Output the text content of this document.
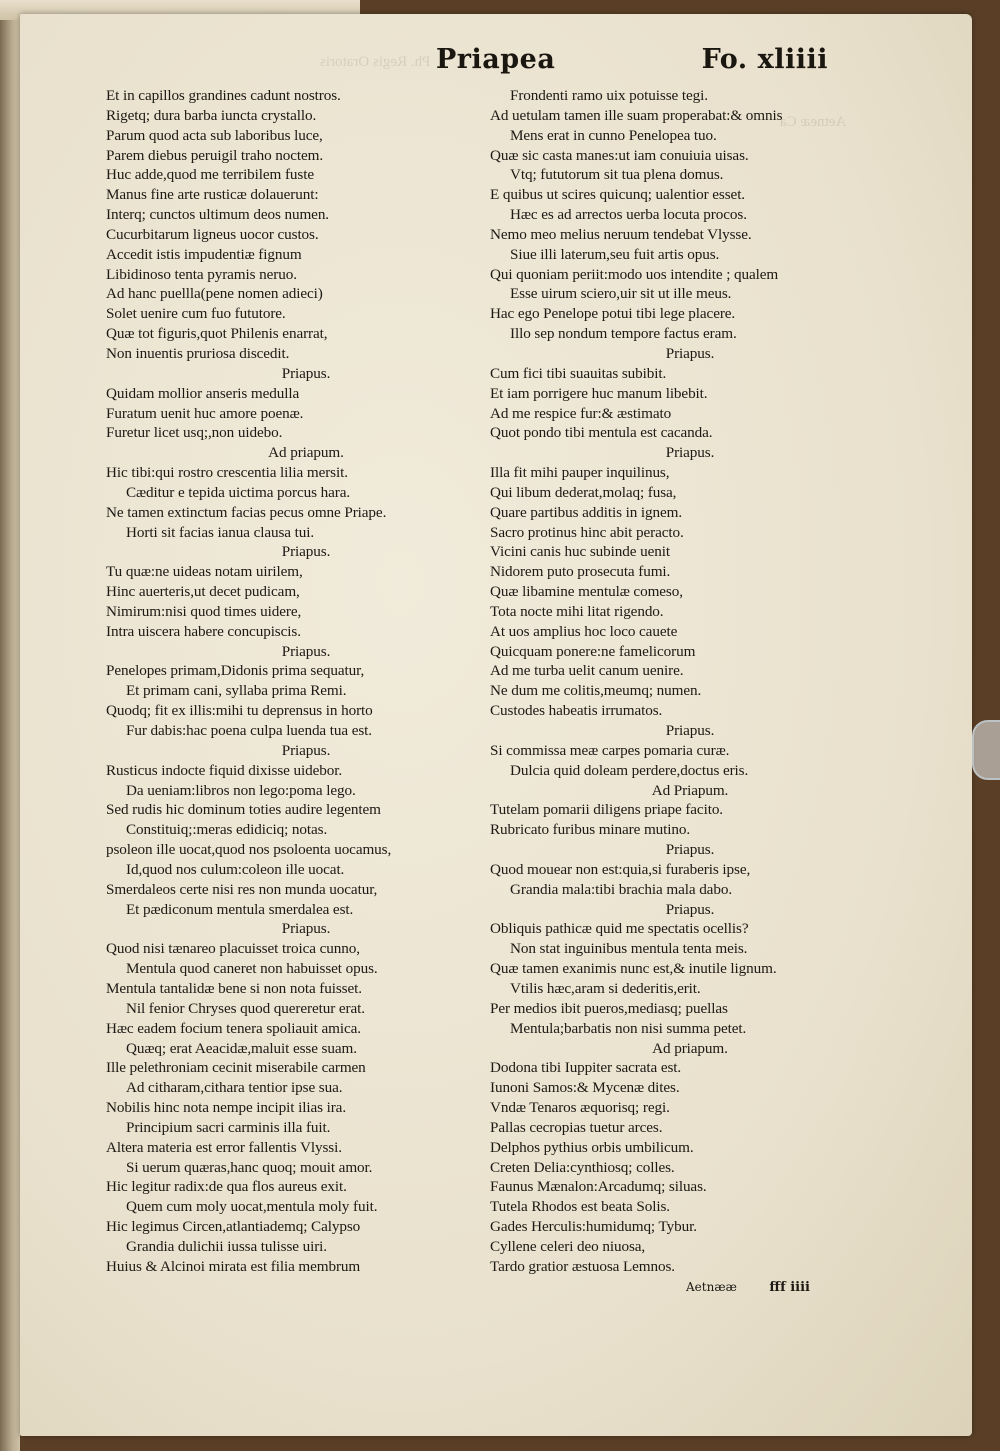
Ph. Regis Oratoris
Aetneæ Ca
Priapea	Fo. xliiii
Et in capillos grandines cadunt nostros.
Rigetq; dura barba iuncta crystallo.
Parum quod acta sub laboribus luce,
Parem diebus peruigil traho noctem.
Huc adde,quod me terribilem fuste
Manus fine arte rusticæ dolauerunt:
Interq; cunctos ultimum deos numen.
Cucurbitarum ligneus uocor custos.
Accedit istis impudentiæ fignum
Libidinoso tenta pyramis neruo.
Ad hanc puellla(pene nomen adieci)
Solet uenire cum fuo fututore.
Quæ tot figuris,quot Philenis enarrat,
Non inuentis pruriosa discedit.
Priapus.
Quidam mollior anseris medulla
Furatum uenit huc amore poenæ.
Furetur licet usq;,non uidebo.
Ad priapum.
Hic tibi:qui rostro crescentia lilia mersit.
Cæditur e tepida uictima porcus hara.
Ne tamen extinctum facias pecus omne Priape.
Horti sit facias ianua clausa tui.
Priapus.
Tu quæ:ne uideas notam uirilem,
Hinc auerteris,ut decet pudicam,
Nimirum:nisi quod times uidere,
Intra uiscera habere concupiscis.
Priapus.
Penelopes primam,Didonis prima sequatur,
Et primam cani, syllaba prima Remi.
Quodq; fit ex illis:mihi tu deprensus in horto
Fur dabis:hac poena culpa luenda tua est.
Priapus.
Rusticus indocte fiquid dixisse uidebor.
Da ueniam:libros non lego:poma lego.
Sed rudis hic dominum toties audire legentem
Constituiq;:meras edidiciq; notas.
psoleon ille uocat,quod nos psoloenta uocamus,
Id,quod nos culum:coleon ille uocat.
Smerdaleos certe nisi res non munda uocatur,
Et pædiconum mentula smerdalea est.
Priapus.
Quod nisi tænareo placuisset troica cunno,
Mentula quod caneret non habuisset opus.
Mentula tantalidæ bene si non nota fuisset.
Nil fenior Chryses quod quereretur erat.
Hæc eadem focium tenera spoliauit amica.
Quæq; erat Aeacidæ,maluit esse suam.
Ille pelethroniam cecinit miserabile carmen
Ad citharam,cithara tentior ipse sua.
Nobilis hinc nota nempe incipit ilias ira.
Principium sacri carminis illa fuit.
Altera materia est error fallentis Vlyssi.
Si uerum quæras,hanc quoq; mouit amor.
Hic legitur radix:de qua flos aureus exit.
Quem cum moly uocat,mentula moly fuit.
Hic legimus Circen,atlantiademq; Calypso
Grandia dulichii iussa tulisse uiri.
Huius & Alcinoi mirata est filia membrum
Frondenti ramo uix potuisse tegi.
Ad uetulam tamen ille suam properabat:& omnis
Mens erat in cunno Penelopea tuo.
Quæ sic casta manes:ut iam conuiuia uisas.
Vtq; fututorum sit tua plena domus.
E quibus ut scires quicunq; ualentior esset.
Hæc es ad arrectos uerba locuta procos.
Nemo meo melius neruum tendebat Vlysse.
Siue illi laterum,seu fuit artis opus.
Qui quoniam periit:modo uos intendite ; qualem
Esse uirum sciero,uir sit ut ille meus.
Hac ego Penelope potui tibi lege placere.
Illo sep nondum tempore factus eram.
Priapus.
Cum fici tibi suauitas subibit.
Et iam porrigere huc manum libebit.
Ad me respice fur:& æstimato
Quot pondo tibi mentula est cacanda.
Priapus.
Illa fit mihi pauper inquilinus,
Qui libum dederat,molaq; fusa,
Quare partibus additis in ignem.
Sacro protinus hinc abit peracto.
Vicini canis huc subinde uenit
Nidorem puto prosecuta fumi.
Quæ libamine mentulæ comeso,
Tota nocte mihi litat rigendo.
At uos amplius hoc loco cauete
Quicquam ponere:ne famelicorum
Ad me turba uelit canum uenire.
Ne dum me colitis,meumq; numen.
Custodes habeatis irrumatos.
Priapus.
Si commissa meæ carpes pomaria curæ.
Dulcia quid doleam perdere,doctus eris.
Ad Priapum.
Tutelam pomarii diligens priape facito.
Rubricato furibus minare mutino.
Priapus.
Quod mouear non est:quia,si furaberis ipse,
Grandia mala:tibi brachia mala dabo.
Priapus.
Obliquis pathicæ quid me spectatis ocellis?
Non stat inguinibus mentula tenta meis.
Quæ tamen exanimis nunc est,& inutile lignum.
Vtilis hæc,aram si dederitis,erit.
Per medios ibit pueros,mediasq; puellas
Mentula;barbatis non nisi summa petet.
Ad priapum.
Dodona tibi Iuppiter sacrata est.
Iunoni Samos:& Mycenæ dites.
Vndæ Tenaros æquorisq; regi.
Pallas cecropias tuetur arces.
Delphos pythius orbis umbilicum.
Creten Delia:cynthiosq; colles.
Faunus Mænalon:Arcadumq; siluas.
Tutela Rhodos est beata Solis.
Gades Herculis:humidumq; Tybur.
Cyllene celeri deo niuosa,
Tardo gratior æstuosa Lemnos.
Aetnææ	fff iiii
